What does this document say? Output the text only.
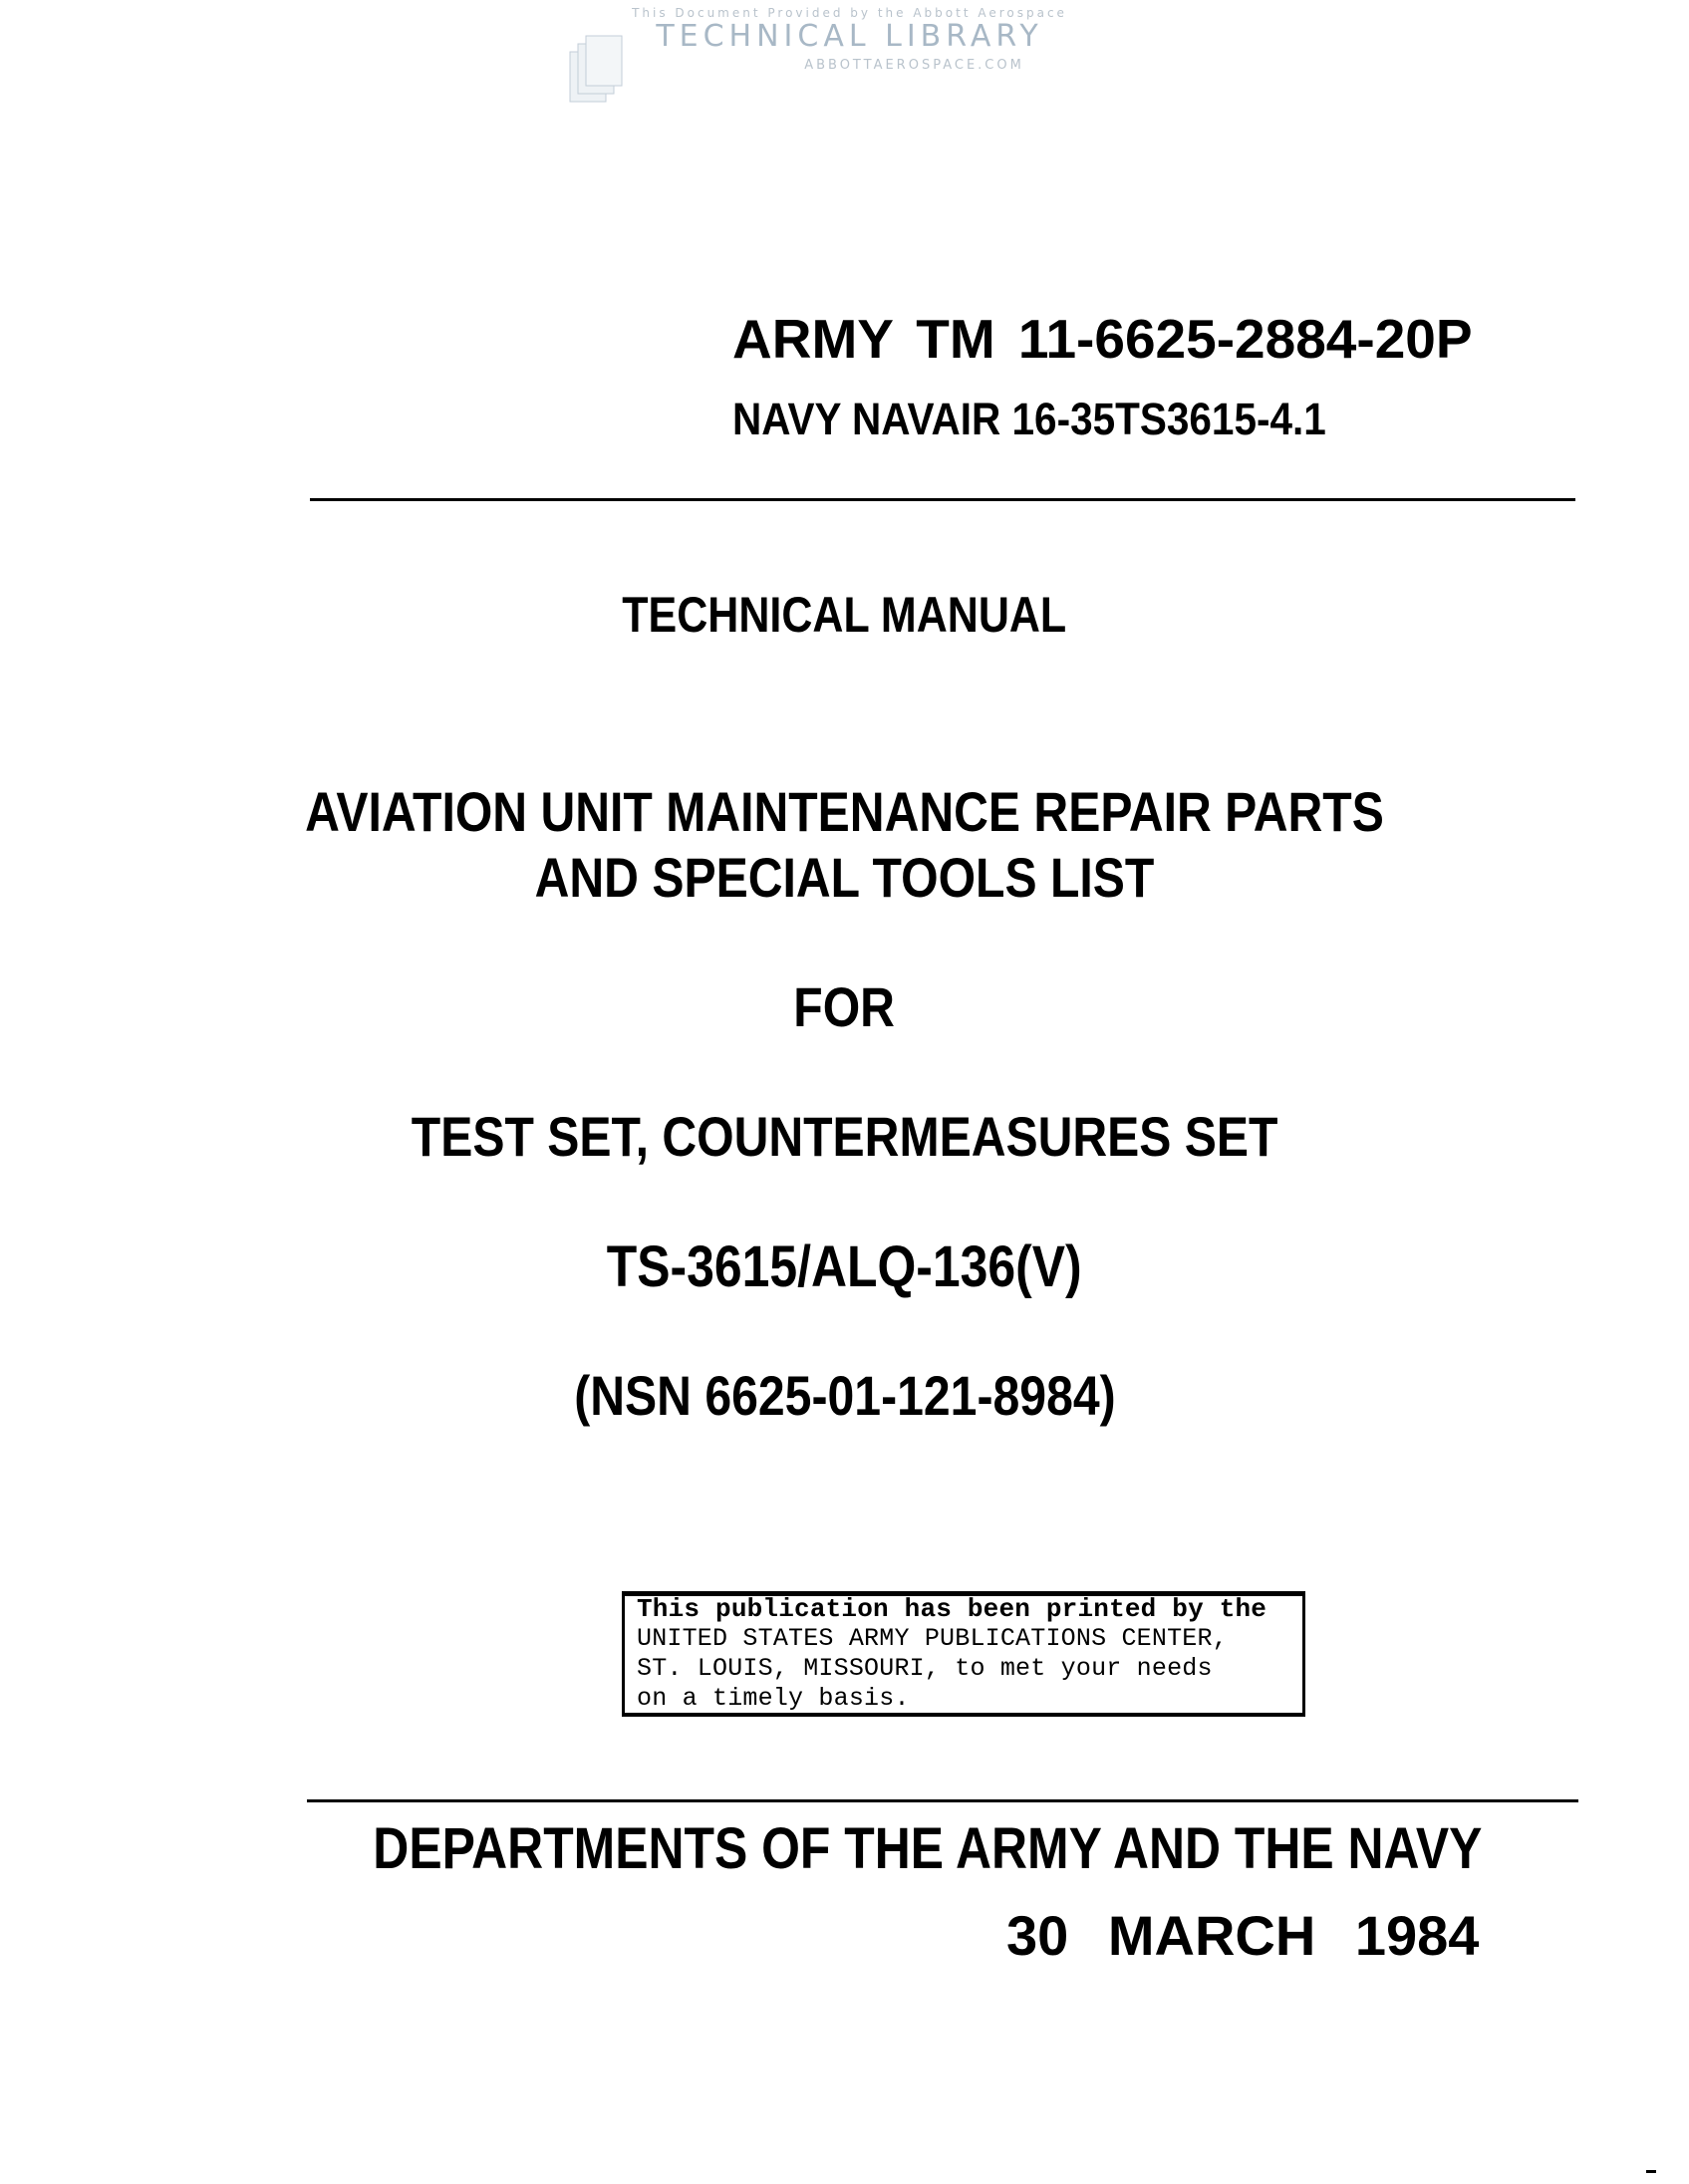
This Document Provided by the Abbott Aerospace
TECHNICAL LIBRARY
ABBOTTAEROSPACE.COM
ARMY TM 11-6625-2884-20P
NAVY NAVAIR 16-35TS3615-4.1
TECHNICAL MANUAL
AVIATION UNIT MAINTENANCE REPAIR PARTS
AND SPECIAL TOOLS LIST
FOR
TEST SET, COUNTERMEASURES SET
TS-3615/ALQ-136(V)
(NSN 6625-01-121-8984)
This publication has been printed by the
UNITED STATES ARMY PUBLICATIONS CENTER,
ST. LOUIS, MISSOURI, to met your needs
on a timely basis.
DEPARTMENTS OF THE ARMY AND THE NAVY
30 MARCH 1984
